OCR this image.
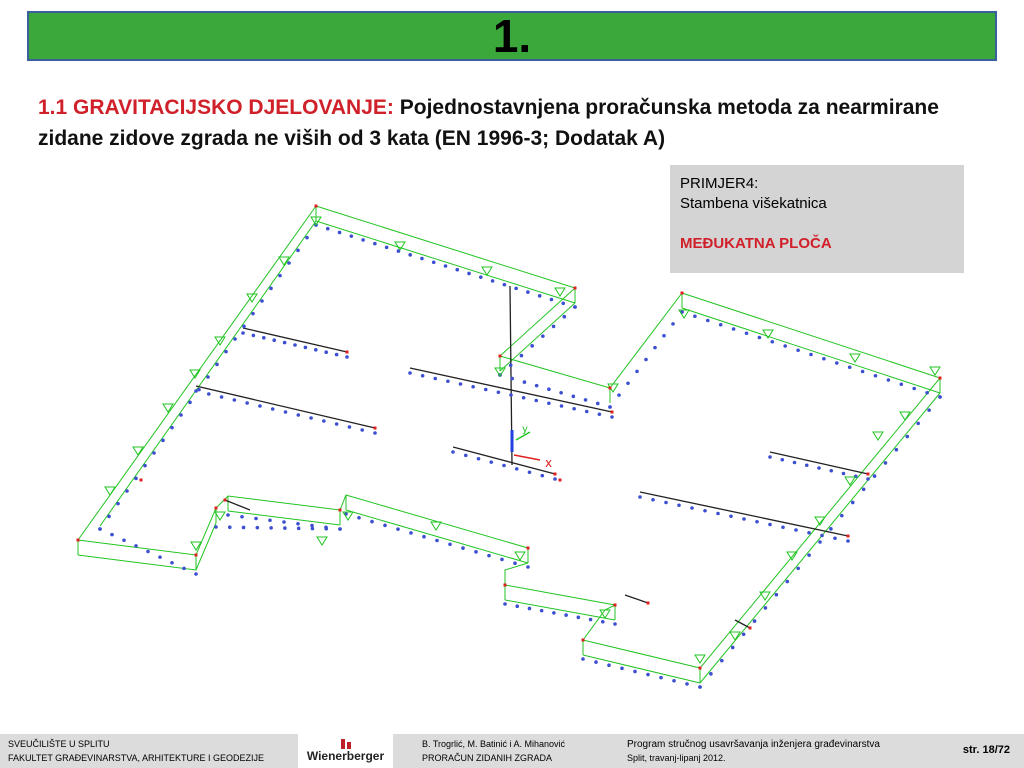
1.
1.1 GRAVITACIJSKO DJELOVANJE: Pojednostavnjena proračunska metoda za nearmirane zidane zidove zgrada ne viših od 3 kata (EN 1996-3; Dodatak A)
PRIMJER4:
Stambena višekatnica
MEĐUKATNA PLOČA
y
x
SVEUČILIŠTE U SPLITU
FAKULTET GRAĐEVINARSTVA, ARHITEKTURE I GEODEZIJE	Wienerberger
B. Trogrlić, M. Batinić i A. Mihanović
PRORAČUN ZIDANIH ZGRADA
Program stručnog usavršavanja inženjera građevinarstva
Split, travanj-lipanj 2012.
str. 18/72
